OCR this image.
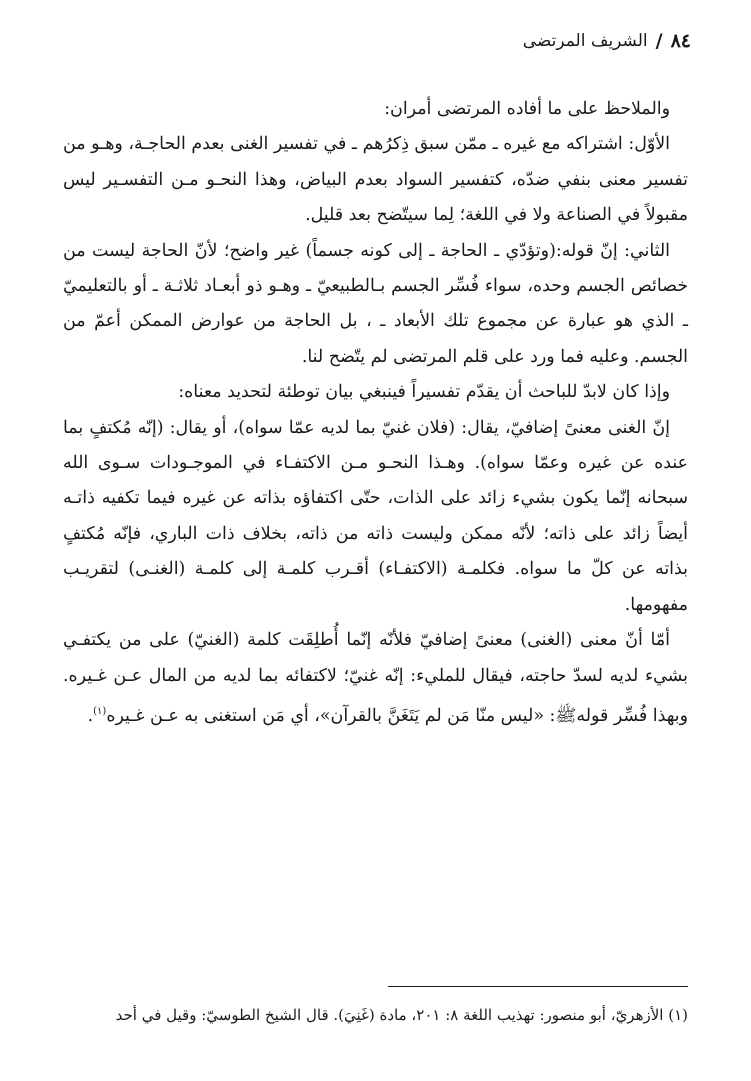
٨٤
/
الشريف المرتضى

والملاحظ على ما أفاده المرتضى أمران:

الأوّل: اشتراكه مع غيره ـ ممّن سبق ذِكرُهم ـ في تفسير الغنى بعدم الحاجـة، وهـو من تفسير معنى بنفي ضدّه، كتفسير السواد بعدم البياض، وهذا النحـو مـن التفسـير ليس مقبولاً في الصناعة ولا في اللغة؛ لِما سيتّضح بعد قليل.

الثاني: إنّ قوله:(وتؤدّي ـ الحاجة ـ إلى كونه جسماً) غير واضح؛ لأنّ الحاجة ليست من خصائص الجسم وحده، سواء فُسِّر الجسم بـالطبيعيّ ـ وهـو ذو أبعـاد ثلاثـة ـ أو بالتعليميّ ـ الذي هو عبارة عن مجموع تلك الأبعاد ـ ، بل الحاجة من عوارض الممكن أعمّ من الجسم. وعليه فما ورد على قلم المرتضى لم يتّضح لنا.

وإذا كان لابدّ للباحث أن يقدّم تفسيراً فينبغي بيان توطئة لتحديد معناه:

إنّ الغنى معنىً إضافيّ، يقال: (فلان غنيّ بما لديه عمّا سواه)، أو يقال: (إنّه مُكتفٍ بما عنده عن غيره وعمّا سواه). وهـذا النحـو مـن الاكتفـاء في الموجـودات سـوى الله سبحانه إنّما يكون بشيء زائد على الذات، حتّى اكتفاؤه بذاته عن غيره فيما تكفيه ذاتـه أيضاً زائد على ذاته؛ لأنّه ممكن وليست ذاته من ذاته، بخلاف ذات الباري، فإنّه مُكتفٍ بذاته عن كلّ ما سواه. فكلمـة (الاكتفـاء) أقـرب كلمـة إلى كلمـة (الغنـى) لتقريـب مفهومها.

أمّا أنّ معنى (الغنى) معنىً إضافيّ فلأنّه إنّما أُطلِقَت كلمة (الغنيّ) على من يكتفـي بشيء لديه لسدّ حاجته، فيقال للمليء: إنّه غنيّ؛ لاكتفائه بما لديه من المال عـن غـيره. وبهذا فُسِّر قولهﷺ: «ليس منّا مَن لم يَتَغَنَّ بالقرآن»، أي مَن استغنى به عـن غـيره$^{(١)}$.

(١) الأزهريّ، أبو منصور: تهذيب اللغة ٨: ٢٠١، مادة (غَنِيَ). قال الشيخ الطوسيّ: وقيل في أحد
